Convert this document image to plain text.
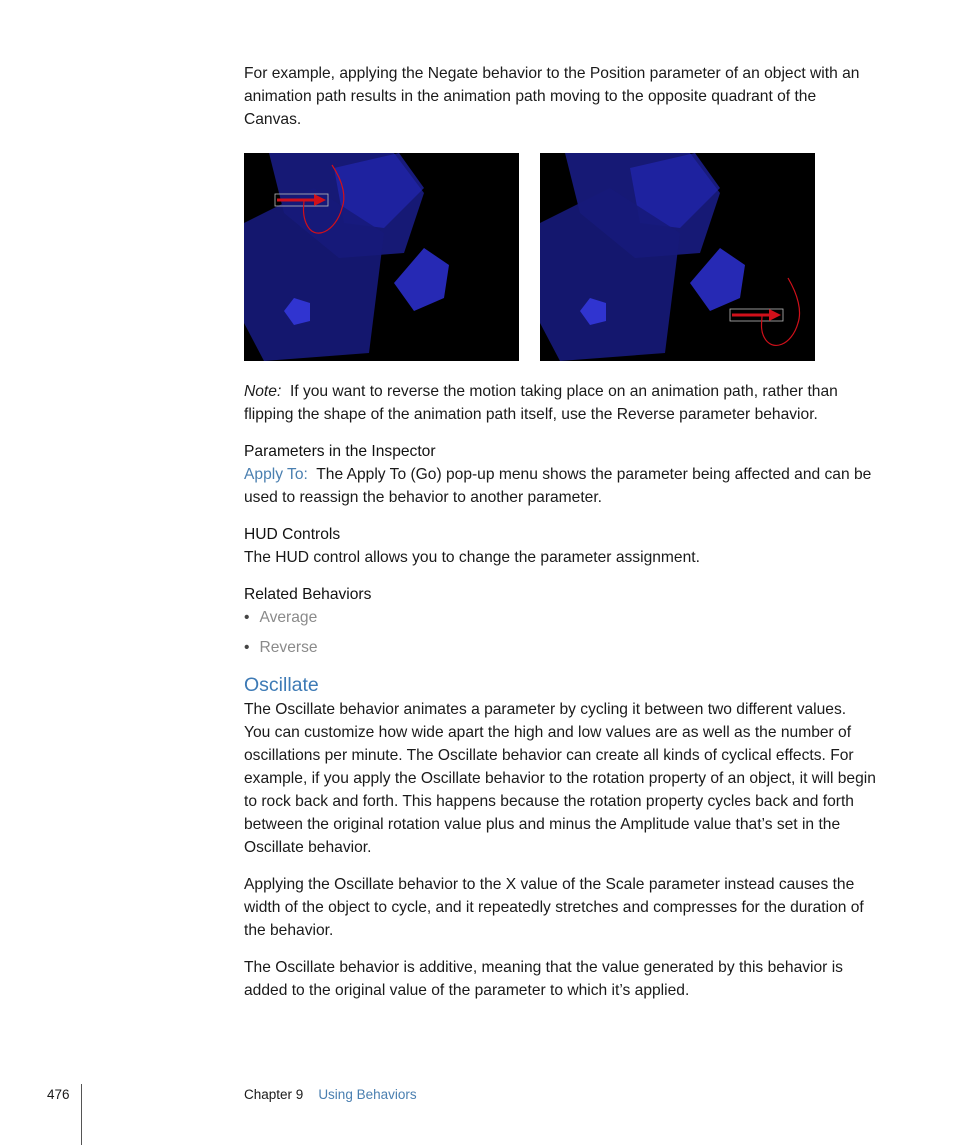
For example, applying the Negate behavior to the Position parameter of an object with an animation path results in the animation path moving to the opposite quadrant of the Canvas.

Note: If you want to reverse the motion taking place on an animation path, rather than flipping the shape of the animation path itself, use the Reverse parameter behavior.

Parameters in the Inspector

Apply To: The Apply To (Go) pop-up menu shows the parameter being affected and can be used to reassign the behavior to another parameter.

HUD Controls

The HUD control allows you to change the parameter assignment.

Related Behaviors
• Average
• Reverse
Oscillate

The Oscillate behavior animates a parameter by cycling it between two different values. You can customize how wide apart the high and low values are as well as the number of oscillations per minute. The Oscillate behavior can create all kinds of cyclical effects. For example, if you apply the Oscillate behavior to the rotation property of an object, it will begin to rock back and forth. This happens because the rotation property cycles back and forth between the original rotation value plus and minus the Amplitude value that’s set in the Oscillate behavior.

Applying the Oscillate behavior to the X value of the Scale parameter instead causes the width of the object to cycle, and it repeatedly stretches and compresses for the duration of the behavior.

The Oscillate behavior is additive, meaning that the value generated by this behavior is added to the original value of the parameter to which it’s applied.

476	Chapter 9 Using Behaviors
